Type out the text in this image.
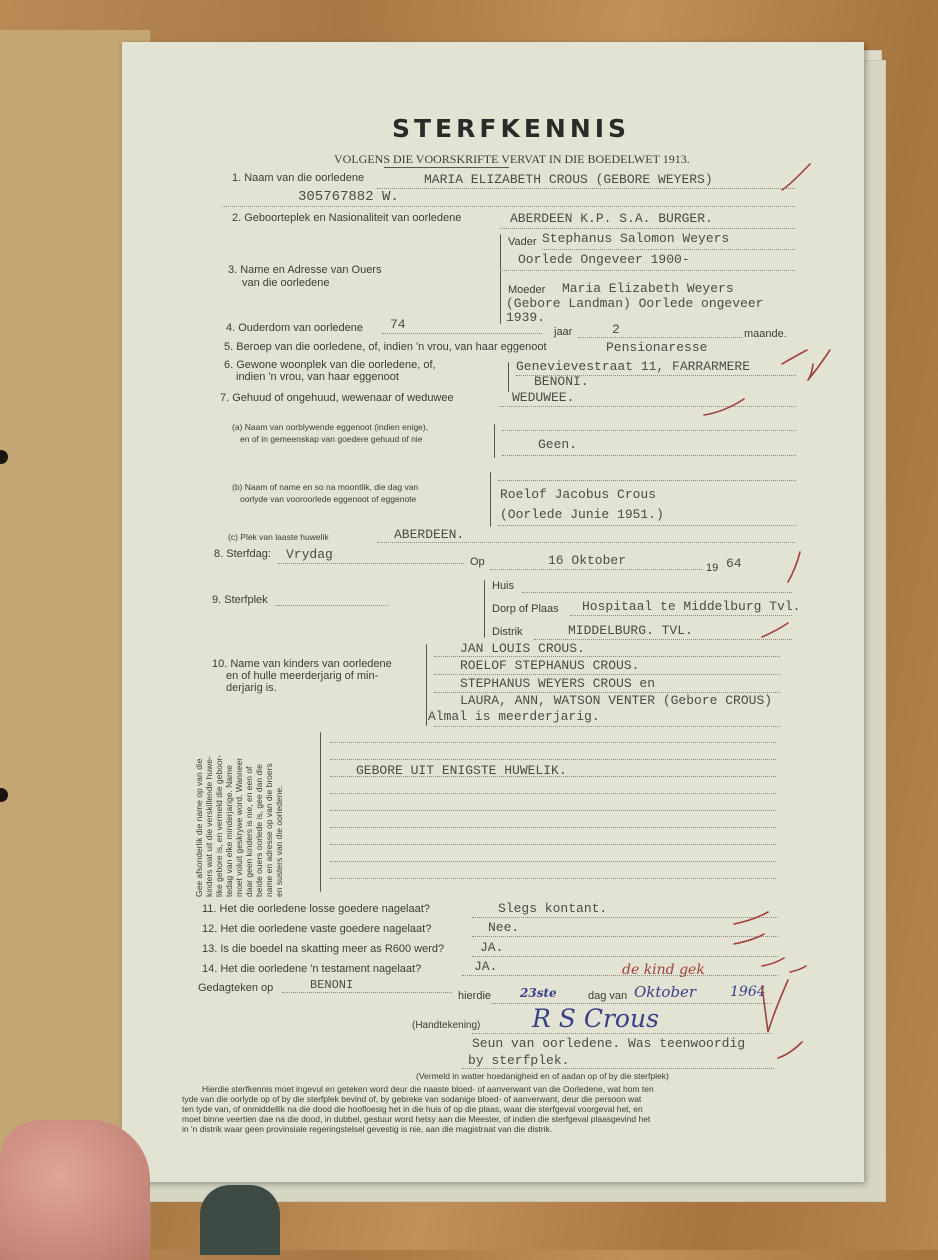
STERFKENNIS
VOLGENS DIE VOORSKRIFTE VERVAT IN DIE BOEDELWET 1913.
1. Naam van die oorledene	MARIA ELIZABETH CROUS (GEBORE WEYERS)
305767882 W.
2. Geboorteplek en Nasionaliteit van oorledene	ABERDEEN K.P. S.A. BURGER.
3. Name en Adresse van Ouers
van die oorledene
Vader Stephanus Salomon Weyers
Oorlede Ongeveer 1900-
Moeder Maria Elizabeth Weyers
(Gebore Landman) Oorlede ongeveer
1939.
4. Ouderdom van oorledene 74	jaar	2	maande.
5. Beroep van die oorledene, of, indien 'n vrou, van haar eggenoot	Pensionaresse
6. Gewone woonplek van die oorledene, of,
indien 'n vrou, van haar eggenoot
Genevievestraat 11, FARRARMERE
BENONI.
7. Gehuud of ongehuud, wewenaar of weduwee	WEDUWEE.
(a) Naam van oorblywende eggenoot (indien enige),
en of in gemeenskap van goedere gehuud of nie	Geen.
(b) Naam of name en so na moontlik, die dag van
oorlyde van vooroorlede eggenoot of eggenote	Roelof Jacobus Crous
(Oorlede Junie 1951.)
(c) Plek van laaste huwelik	ABERDEEN.
8. Sterfdag: Vrydag	Op	16 Oktober	19 64
9. Sterfplek
Huis
Dorp of Plaas Hospitaal te Middelburg Tvl.
Distrik	MIDDELBURG. TVL.
10. Name van kinders van oorledene
en of hulle meerderjarig of min-
derjarig is.
JAN LOUIS CROUS.
ROELOF STEPHANUS CROUS.
STEPHANUS WEYERS CROUS en
LAURA, ANN, WATSON VENTER (Gebore CROUS)
Almal is meerderjarig.
Gee afsonderlik die name op van die kinders wat uit die verskillende huwe- like gebore is, en vermeld die geboor- tedag van elke minderjarige. Name moet voluit geskrywe word. Wanneer daar geen kinders is nie, en een of beide ouers oorlede is, gee dan die name en adresse op van die broers en susters van die oorledene.
GEBORE UIT ENIGSTE HUWELIK.
11. Het die oorledene losse goedere nagelaat?	Slegs kontant.
12. Het die oorledene vaste goedere nagelaat?	Nee.
13. Is die boedel na skatting meer as R600 werd?	JA.
14. Het die oorledene 'n testament nagelaat?	JA.
Gedagteken op	BENONI
de kind gek
hierdie 23ste	dag van Oktober 1964
(Handtekening) R S Crous
Seun van oorledene. Was teenwoordig
by sterfplek.
(Vermeld in watter hoedanigheid en of aadan op of by die sterfplek)
Hierdie sterfkennis moet ingevul en geteken word deur die naaste bloed- of aanverwant van die Oorledene, wat hom ten
tyde van die oorlyde op of by die sterfplek bevind of, by gebreke van sodanige bloed- of aanverwant, deur die persoon wat
ten tyde van, of onmiddellik na die dood die hoofloesig het in die huis of op die plaas, waar die sterfgeval voorgeval het, en
moet binne veertien dae na die dood, in dubbel, gestuur word hetsy aan die Meester, of indien die sterfgeval plaasgevind het
in 'n distrik waar geen provinsiale regeringstelsel gevestig is nie, aan die magistraat van die distrik.
